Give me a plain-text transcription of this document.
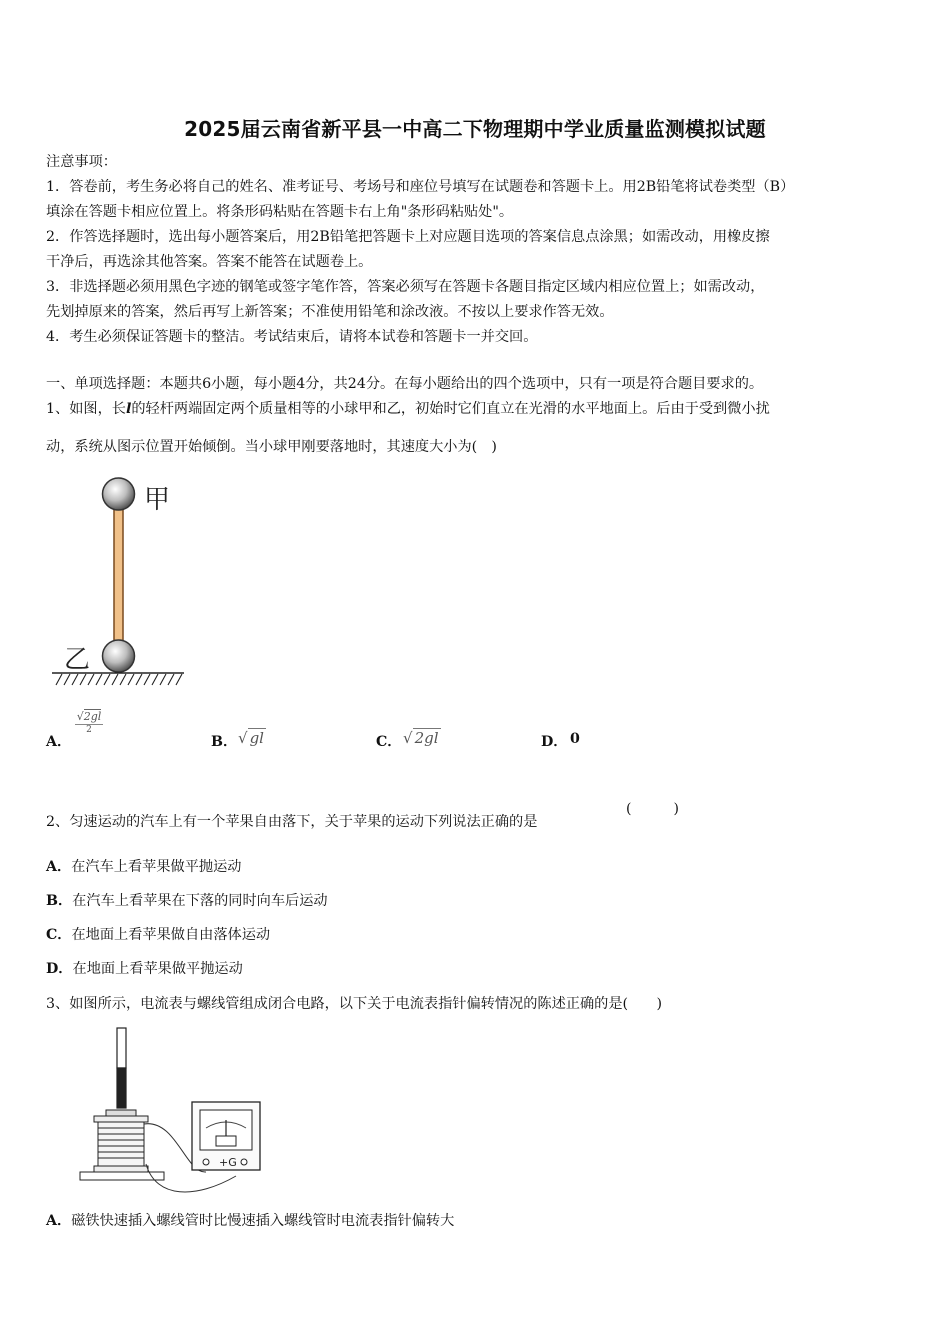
2025届云南省新平县一中高二下物理期中学业质量监测模拟试题
注意事项：
1．答卷前，考生务必将自己的姓名、准考证号、考场号和座位号填写在试题卷和答题卡上。用2B铅笔将试卷类型（B）
填涂在答题卡相应位置上。将条形码粘贴在答题卡右上角"条形码粘贴处"。
2．作答选择题时，选出每小题答案后，用2B铅笔把答题卡上对应题目选项的答案信息点涂黑；如需改动，用橡皮擦
干净后，再选涂其他答案。答案不能答在试题卷上。
3．非选择题必须用黑色字迹的钢笔或签字笔作答，答案必须写在答题卡各题目指定区域内相应位置上；如需改动，
先划掉原来的答案，然后再写上新答案；不准使用铅笔和涂改液。不按以上要求作答无效。
4．考生必须保证答题卡的整洁。考试结束后，请将本试卷和答题卡一并交回。
一、单项选择题：本题共6小题，每小题4分，共24分。在每小题给出的四个选项中，只有一项是符合题目要求的。
1、如图，长l的轻杆两端固定两个质量相等的小球甲和乙，初始时它们直立在光滑的水平地面上。后由于受到微小扰
动，系统从图示位置开始倾倒。当小球甲刚要落地时，其速度大小为(　)
甲
乙
A．
√2gl
2
B． √ gl	C． √ 2gl	D． 0
2、匀速运动的汽车上有一个苹果自由落下，关于苹果的运动下列说法正确的是
(　　　)
A．在汽车上看苹果做平抛运动
B．在汽车上看苹果在下落的同时向车后运动
C．在地面上看苹果做自由落体运动
D．在地面上看苹果做平抛运动
3、如图所示，电流表与螺线管组成闭合电路，以下关于电流表指针偏转情况的陈述正确的是(　　)
+G
A．磁铁快速插入螺线管时比慢速插入螺线管时电流表指针偏转大
